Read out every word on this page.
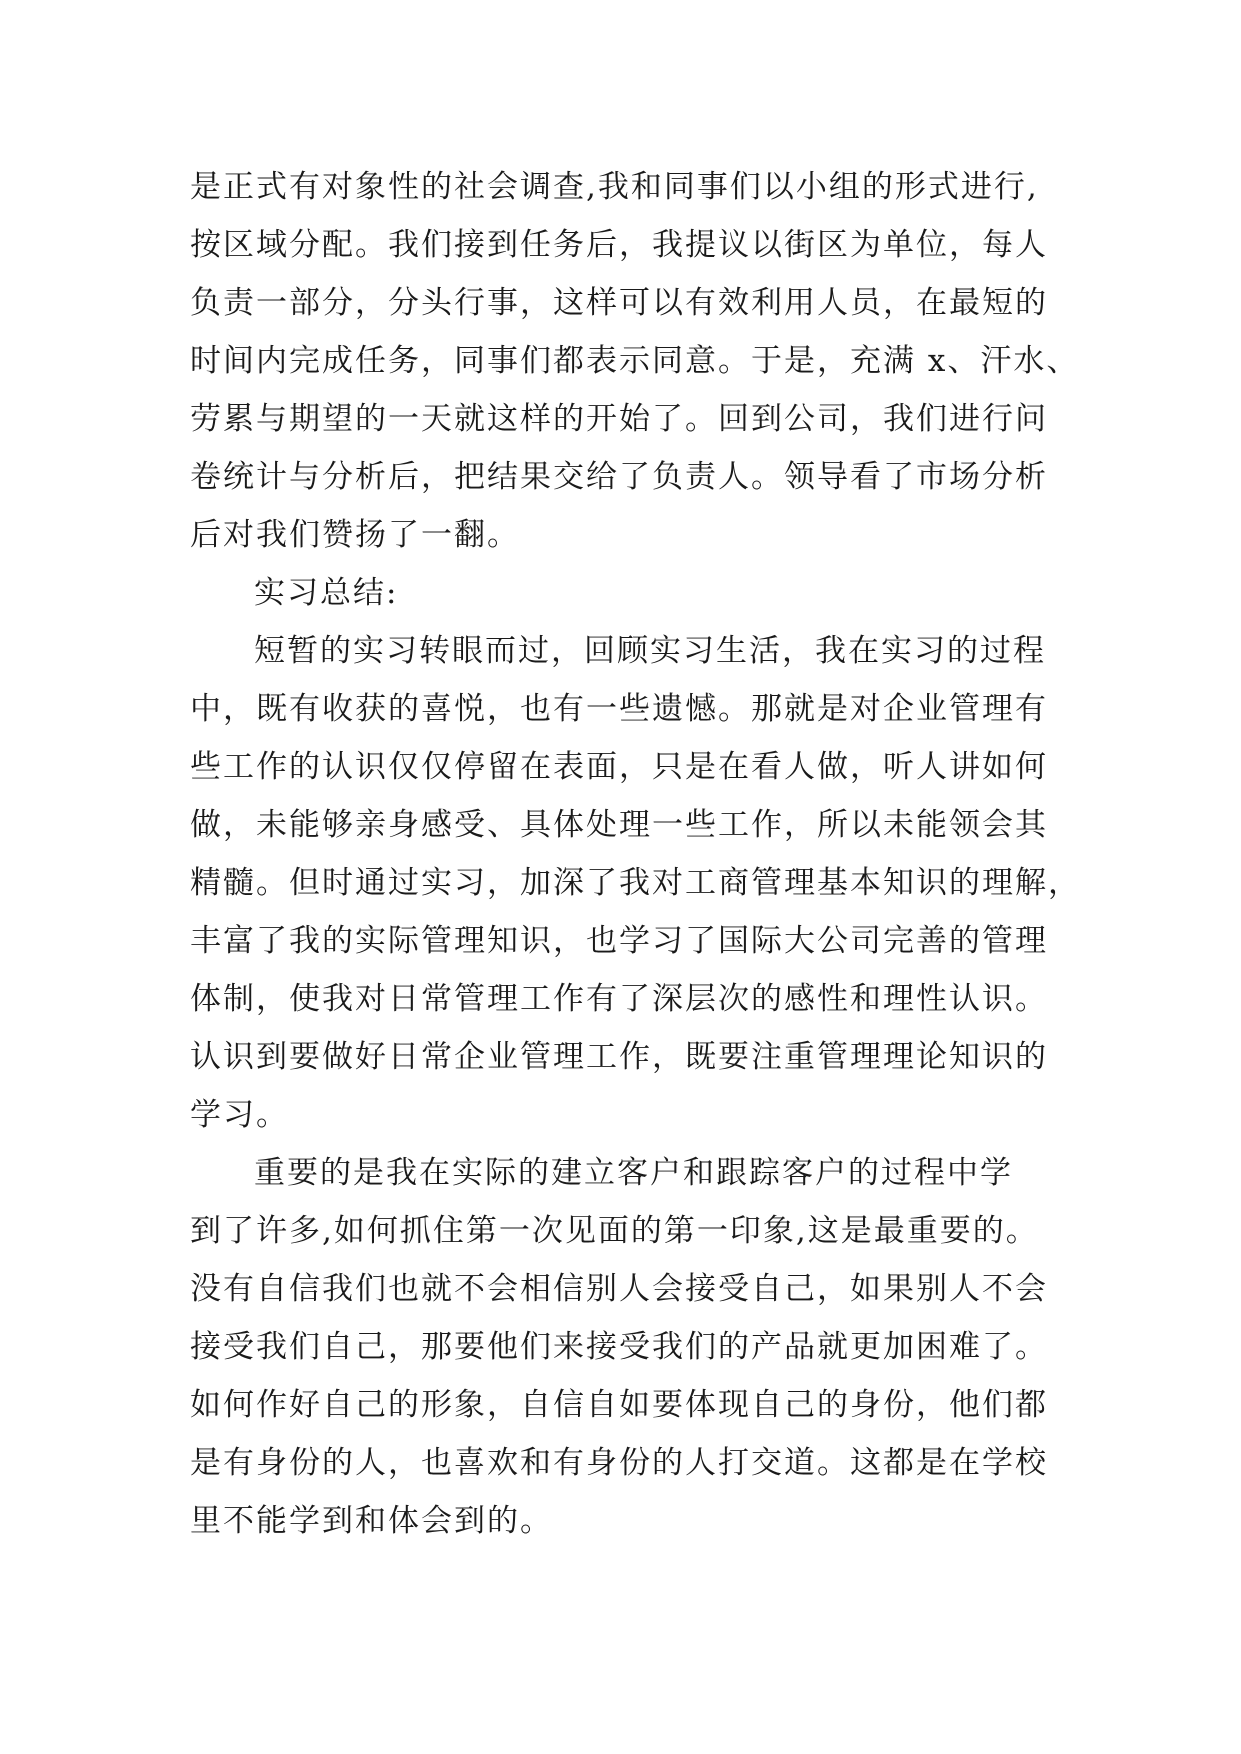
是正式有对象性的社会调查,我和同事们以小组的形式进行,
按区域分配。我们接到任务后，我提议以街区为单位，每人
负责一部分，分头行事，这样可以有效利用人员，在最短的
时间内完成任务，同事们都表示同意。于是，充满 x、汗水、
劳累与期望的一天就这样的开始了。回到公司，我们进行问
卷统计与分析后，把结果交给了负责人。领导看了市场分析
后对我们赞扬了一翻。
实习总结:
短暂的实习转眼而过，回顾实习生活，我在实习的过程
中，既有收获的喜悦，也有一些遗憾。那就是对企业管理有
些工作的认识仅仅停留在表面，只是在看人做，听人讲如何
做，未能够亲身感受、具体处理一些工作，所以未能领会其
精髓。但时通过实习，加深了我对工商管理基本知识的理解，
丰富了我的实际管理知识，也学习了国际大公司完善的管理
体制，使我对日常管理工作有了深层次的感性和理性认识。
认识到要做好日常企业管理工作，既要注重管理理论知识的
学习。
重要的是我在实际的建立客户和跟踪客户的过程中学
到了许多,如何抓住第一次见面的第一印象,这是最重要的。
没有自信我们也就不会相信别人会接受自己，如果别人不会
接受我们自己，那要他们来接受我们的产品就更加困难了。
如何作好自己的形象，自信自如要体现自己的身份，他们都
是有身份的人，也喜欢和有身份的人打交道。这都是在学校
里不能学到和体会到的。
